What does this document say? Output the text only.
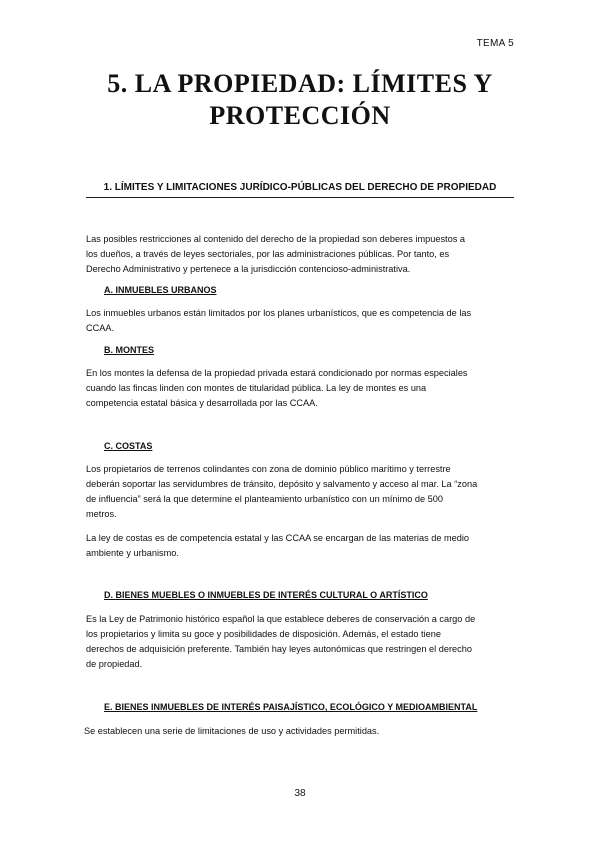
TEMA 5
5. LA PROPIEDAD: LÍMITES Y
PROTECCIÓN
1. LÍMITES Y LIMITACIONES JURÍDICO-PÚBLICAS DEL DERECHO DE PROPIEDAD
Las posibles restricciones al contenido del derecho de la propiedad son deberes impuestos a
los dueños, a través de leyes sectoriales, por las administraciones públicas. Por tanto, es
Derecho Administrativo y pertenece a la jurisdicción contencioso-administrativa.
A. INMUEBLES URBANOS
Los inmuebles urbanos están limitados por los planes urbanísticos, que es competencia de las
CCAA.
B. MONTES
En los montes la defensa de la propiedad privada estará condicionado por normas especiales
cuando las fincas linden con montes de titularidad pública. La ley de montes es una
competencia estatal básica y desarrollada por las CCAA.
C. COSTAS
Los propietarios de terrenos colindantes con zona de dominio público marítimo y terrestre
deberán soportar las servidumbres de tránsito, depósito y salvamento y acceso al mar. La “zona
de influencia” será la que determine el planteamiento urbanístico con un mínimo de 500
metros.
La ley de costas es de competencia estatal y las CCAA se encargan de las materias de medio
ambiente y urbanismo.
D. BIENES MUEBLES O INMUEBLES DE INTERÉS CULTURAL O ARTÍSTICO
Es la Ley de Patrimonio histórico español la que establece deberes de conservación a cargo de
los propietarios y limita su goce y posibilidades de disposición. Además, el estado tiene
derechos de adquisición preferente. También hay leyes autonómicas que restringen el derecho
de propiedad.
E. BIENES INMUEBLES DE INTERÉS PAISAJÍSTICO, ECOLÓGICO Y MEDIOAMBIENTAL
Se establecen una serie de limitaciones de uso y actividades permitidas.
38
